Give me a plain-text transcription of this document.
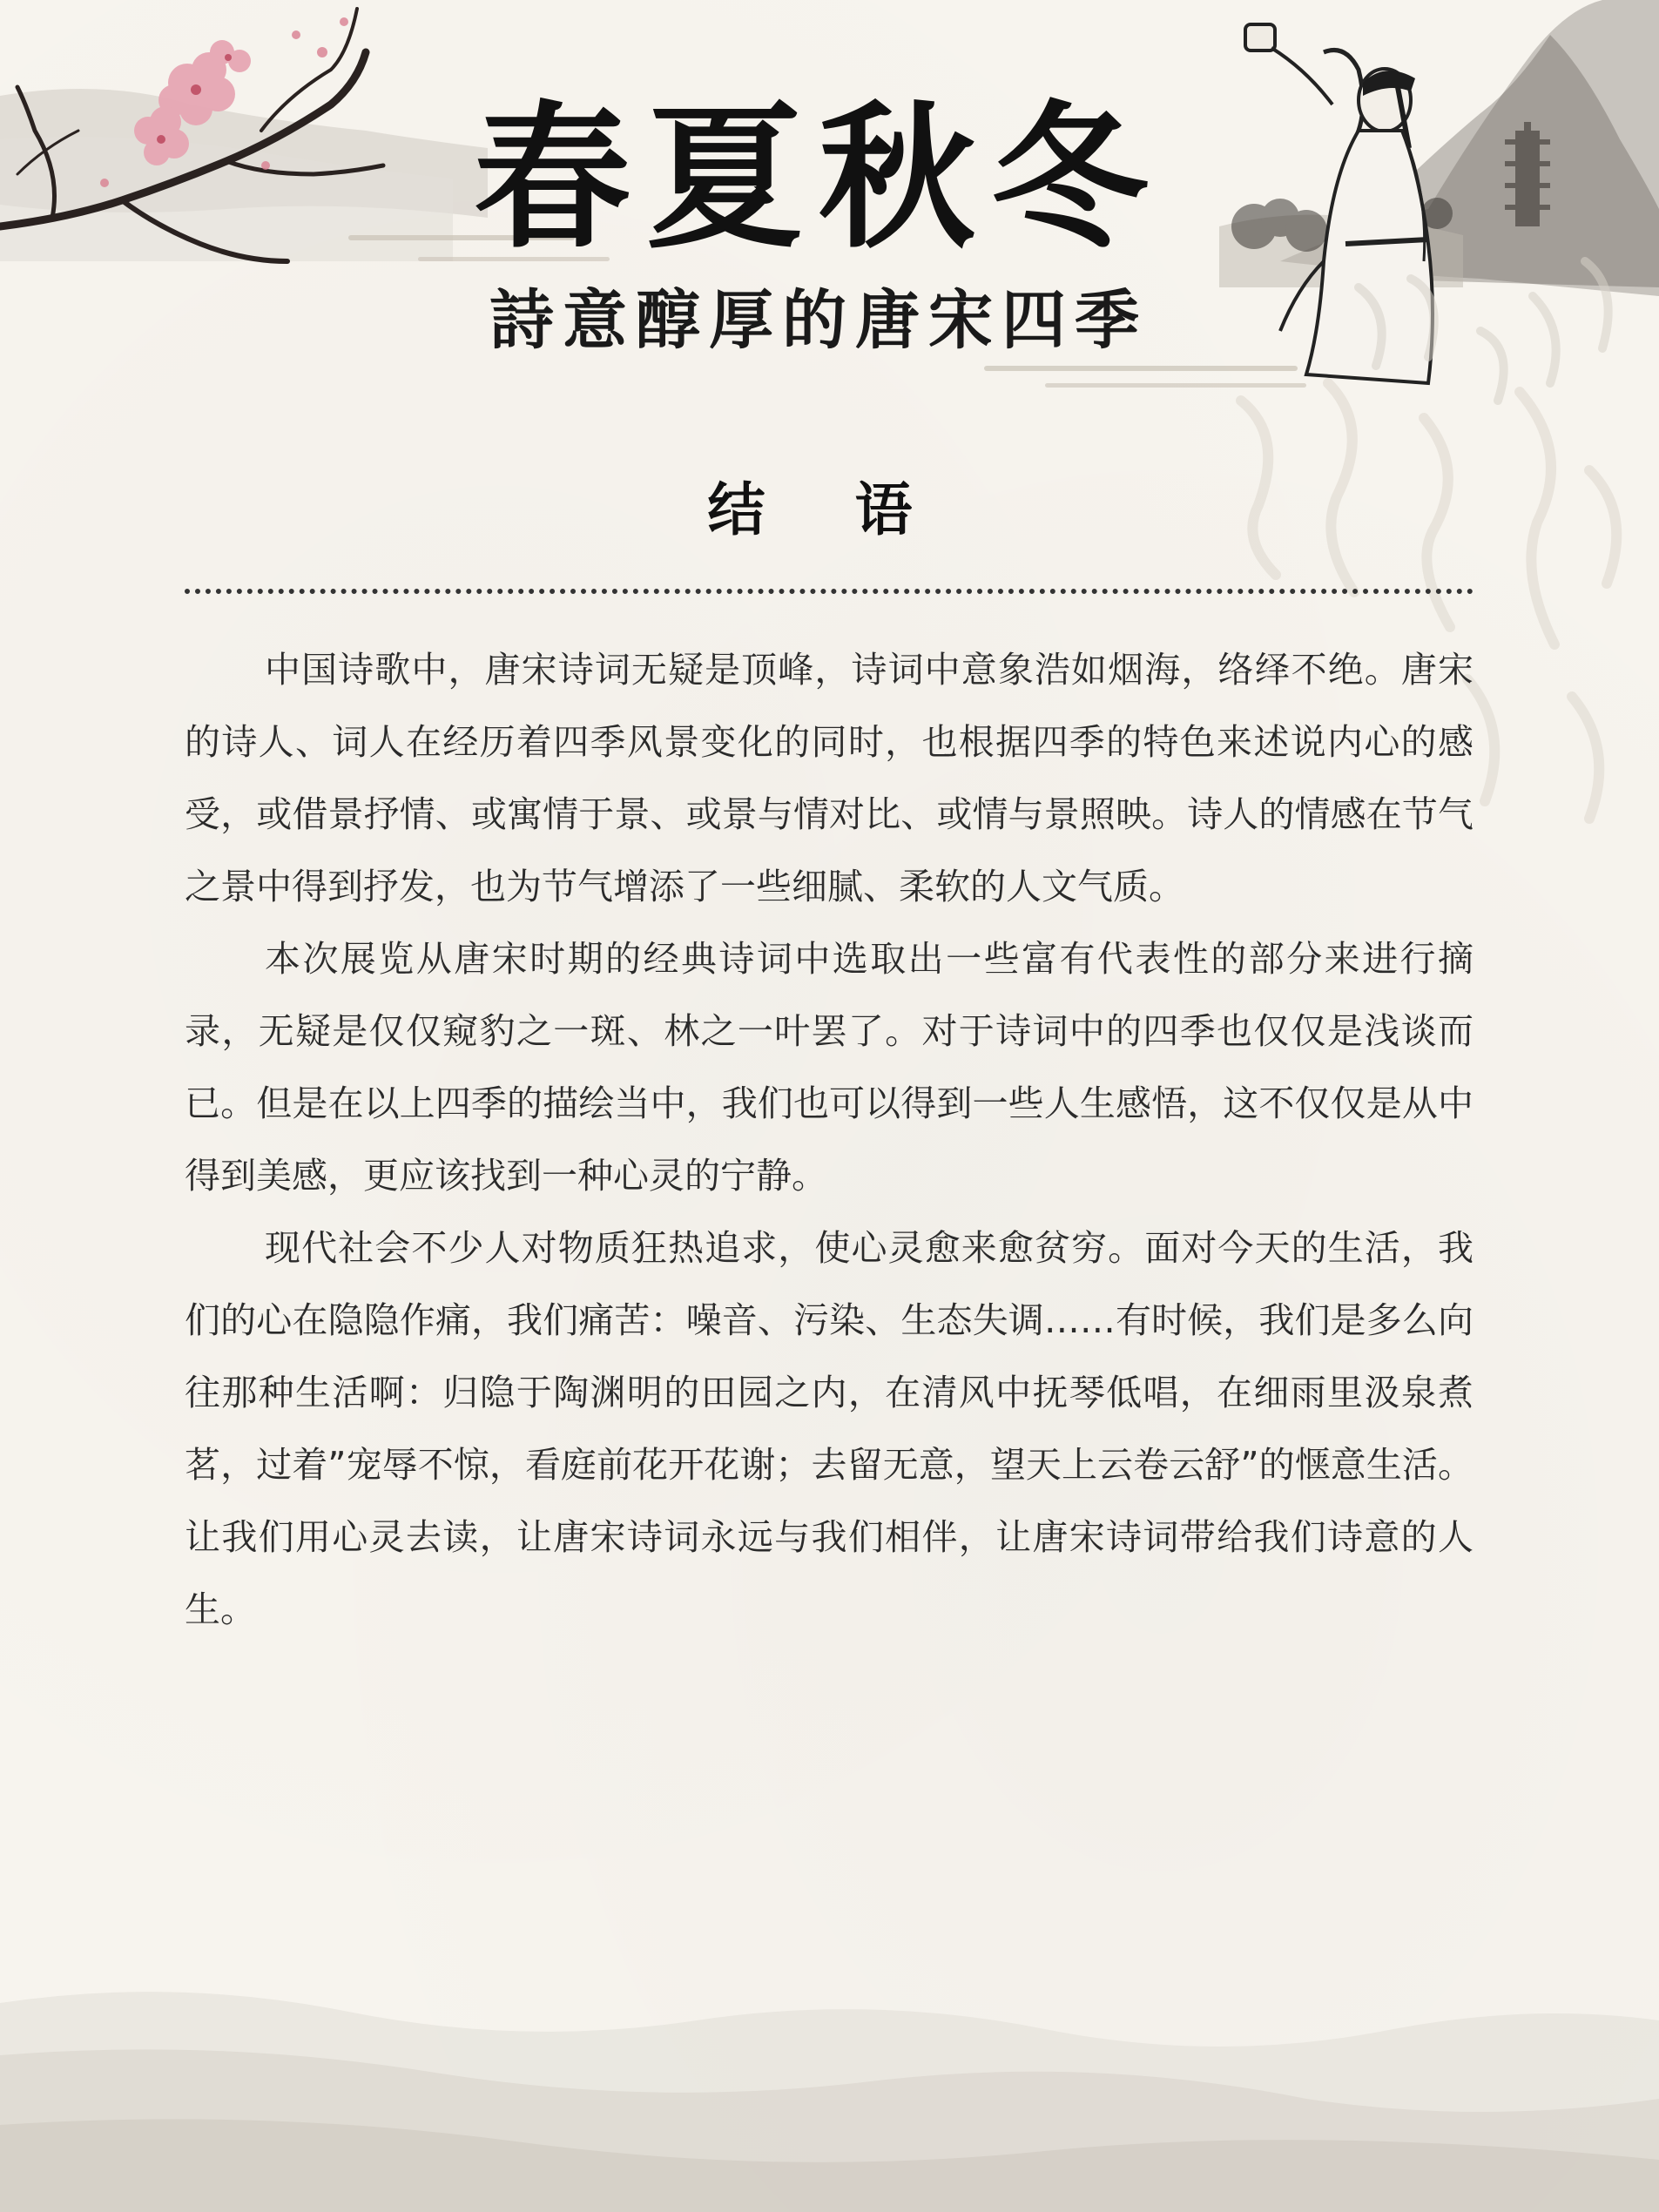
春夏秋冬
詩意醇厚的唐宋四季
结 语

中国诗歌中，唐宋诗词无疑是顶峰，诗词中意象浩如烟海，络绎不绝。唐宋的诗人、词人在经历着四季风景变化的同时，也根据四季的特色来述说内心的感受，或借景抒情、或寓情于景、或景与情对比、或情与景照映。诗人的情感在节气之景中得到抒发，也为节气增添了一些细腻、柔软的人文气质。

本次展览从唐宋时期的经典诗词中选取出一些富有代表性的部分来进行摘录，无疑是仅仅窥豹之一斑、林之一叶罢了。对于诗词中的四季也仅仅是浅谈而已。但是在以上四季的描绘当中，我们也可以得到一些人生感悟，这不仅仅是从中得到美感，更应该找到一种心灵的宁静。

现代社会不少人对物质狂热追求，使心灵愈来愈贫穷。面对今天的生活，我们的心在隐隐作痛，我们痛苦：噪音、污染、生态失调……有时候，我们是多么向往那种生活啊：归隐于陶渊明的田园之内，在清风中抚琴低唱，在细雨里汲泉煮茗，过着”宠辱不惊，看庭前花开花谢；去留无意，望天上云卷云舒”的惬意生活。让我们用心灵去读，让唐宋诗词永远与我们相伴，让唐宋诗词带给我们诗意的人生。
